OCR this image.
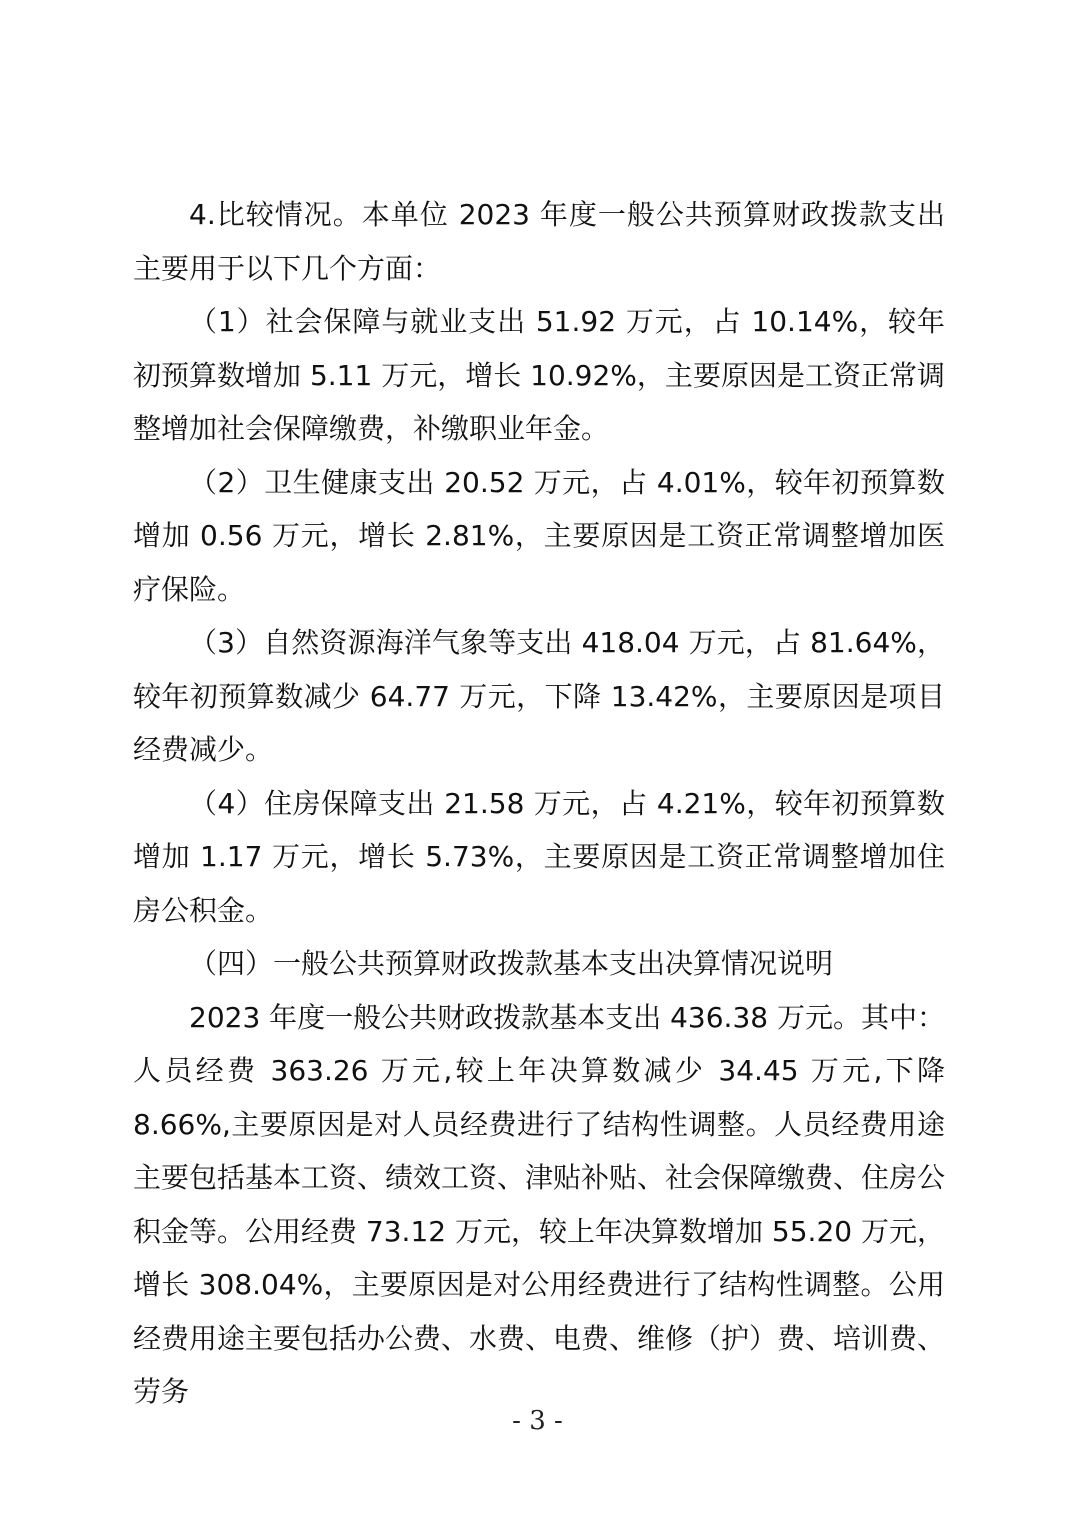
4.比较情况。本单位 2023 年度一般公共预算财政拨款支出主要用于以下几个方面：

（1）社会保障与就业支出 51.92 万元，占 10.14%，较年初预算数增加 5.11 万元，增长 10.92%，主要原因是工资正常调整增加社会保障缴费，补缴职业年金。

（2）卫生健康支出 20.52 万元，占 4.01%，较年初预算数增加 0.56 万元，增长 2.81%，主要原因是工资正常调整增加医疗保险。

（3）自然资源海洋气象等支出 418.04 万元，占 81.64%，较年初预算数减少 64.77 万元，下降 13.42%，主要原因是项目经费减少。

（4）住房保障支出 21.58 万元，占 4.21%，较年初预算数增加 1.17 万元，增长 5.73%，主要原因是工资正常调整增加住房公积金。

（四）一般公共预算财政拨款基本支出决算情况说明

2023 年度一般公共财政拨款基本支出 436.38 万元。其中：人员经费 363.26 万元,较上年决算数减少 34.45 万元,下降 8.66%,主要原因是对人员经费进行了结构性调整。人员经费用途主要包括基本工资、绩效工资、津贴补贴、社会保障缴费、住房公积金等。公用经费 73.12 万元，较上年决算数增加 55.20 万元，增长 308.04%，主要原因是对公用经费进行了结构性调整。公用经费用途主要包括办公费、水费、电费、维修（护）费、培训费、劳务

- 3 -
